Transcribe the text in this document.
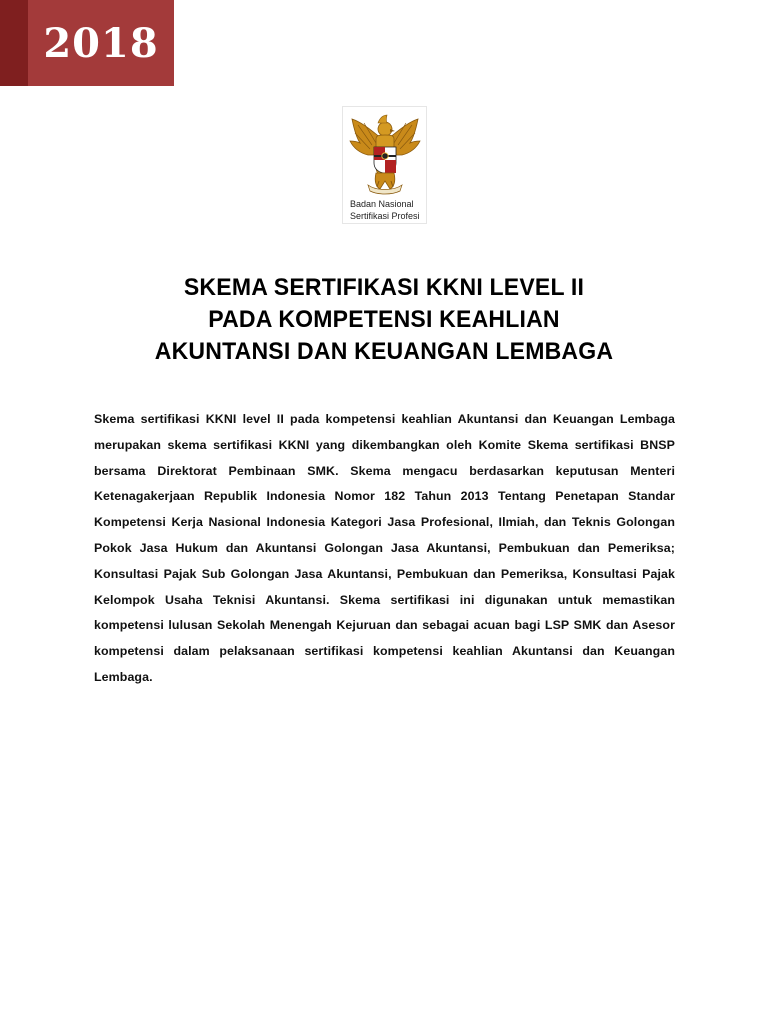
2018
Badan Nasional
Sertifikasi Profesi
SKEMA SERTIFIKASI KKNI LEVEL II
PADA KOMPETENSI KEAHLIAN
AKUNTANSI DAN KEUANGAN LEMBAGA

Skema sertifikasi KKNI level II pada kompetensi keahlian Akuntansi dan Keuangan Lembaga merupakan skema sertifikasi KKNI yang dikembangkan oleh Komite Skema sertifikasi BNSP bersama Direktorat Pembinaan SMK. Skema mengacu berdasarkan keputusan Menteri Ketenagakerjaan Republik Indonesia Nomor 182 Tahun 2013 Tentang Penetapan Standar Kompetensi Kerja Nasional Indonesia Kategori Jasa Profesional, Ilmiah, dan Teknis Golongan Pokok Jasa Hukum dan Akuntansi Golongan Jasa Akuntansi, Pembukuan dan Pemeriksa; Konsultasi Pajak Sub Golongan Jasa Akuntansi, Pembukuan dan Pemeriksa, Konsultasi Pajak Kelompok Usaha Teknisi Akuntansi. Skema sertifikasi ini digunakan untuk memastikan kompetensi lulusan Sekolah Menengah Kejuruan dan sebagai acuan bagi LSP SMK dan Asesor kompetensi dalam pelaksanaan sertifikasi kompetensi keahlian Akuntansi dan Keuangan Lembaga.
